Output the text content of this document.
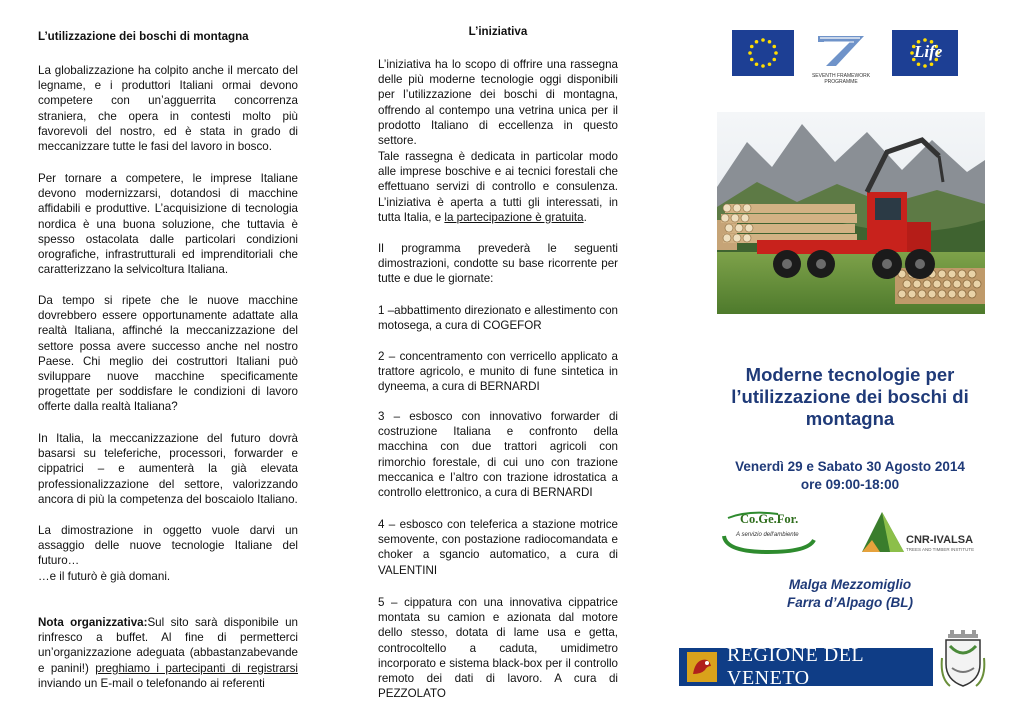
L’utilizzazione dei boschi di montagna

La globalizzazione ha colpito anche il mercato del legname, e i produttori Italiani ormai devono competere con un’agguerrita concorrenza straniera, che opera in contesti molto più favorevoli del nostro, ed è stata in grado di meccanizzare tutte le fasi del lavoro in bosco.

Per tornare a competere, le imprese Italiane devono modernizzarsi, dotandosi di macchine affidabili e produttive. L’acquisizione di tecnologia nordica è una buona soluzione, che tuttavia è spesso ostacolata dalle particolari condizioni orografiche, infrastrutturali ed imprenditoriali che caratterizzano la selvicoltura Italiana.

Da tempo si ripete che le nuove macchine dovrebbero essere opportunamente adattate alla realtà Italiana, affinché la meccanizzazione del settore possa avere successo anche nel nostro Paese. Chi meglio dei costruttori Italiani può sviluppare nuove macchine specificamente progettate per soddisfare le condizioni di lavoro offerte dalla realtà Italiana?

In Italia, la meccanizzazione del futuro dovrà basarsi su teleferiche, processori, forwarder e cippatrici – e aumenterà la già elevata professionalizzazione del settore, valorizzando ancora di più la competenza del boscaiolo Italiano.

La dimostrazione in oggetto vuole darvi un assaggio delle nuove tecnologie Italiane del futuro…

…e il futurò è già domani.

Nota organizzativa:Sul sito sarà disponibile un rinfresco a buffet. Al fine di permetterci un’organizzazione adeguata (abbastanzabevande e panini!) preghiamo i partecipanti di registrarsi inviando un E-mail o telefonando ai referenti

L’iniziativa

L’iniziativa ha lo scopo di offrire una rassegna delle più moderne tecnologie oggi disponibili per l’utilizzazione dei boschi di montagna, offrendo al contempo una vetrina unica per il prodotto Italiano di eccellenza in questo settore.

Tale rassegna è dedicata in particolar modo alle imprese boschive e ai tecnici forestali che effettuano servizi di controllo e consulenza. L’iniziativa è aperta a tutti gli interessati, in tutta Italia, e la partecipazione è gratuita.

Il programma prevederà le seguenti dimostrazioni, condotte su base ricorrente per tutte e due le giornate:

1 –abbattimento direzionato e allestimento con motosega, a cura di COGEFOR

2 – concentramento con verricello applicato a trattore agricolo, e munito di fune sintetica in dyneema, a cura di BERNARDI

3 – esbosco con innovativo forwarder di costruzione Italiana e confronto della macchina con due trattori agricoli con rimorchio forestale, di cui uno con trazione meccanica e l’altro con trazione idrostatica a controllo elettronico, a cura di BERNARDI

4 – esbosco con teleferica a stazione motrice semovente, con postazione radiocomandata e choker a sgancio automatico, a cura di VALENTINI

5 – cippatura con una innovativa cippatrice montata su camion e azionata dal motore dello stesso, dotata di lame usa e getta, controcoltello a caduta, umidimetro incorporato e sistema black-box per il controllo remoto dei dati di lavoro. A cura di PEZZOLATO

SEVENTH FRAMEWORK
PROGRAMME
Life
Moderne tecnologie per
l’utilizzazione dei boschi di
montagna
Venerdì 29 e Sabato 30 Agosto 2014
ore 09:00-18:00
Co.Ge.For.
A servizio dell'ambiente	CNR-IVALSA
TREES AND TIMBER INSTITUTE
Malga Mezzomiglio
Farra d’Alpago (BL)
REGIONE DEL VENETO
